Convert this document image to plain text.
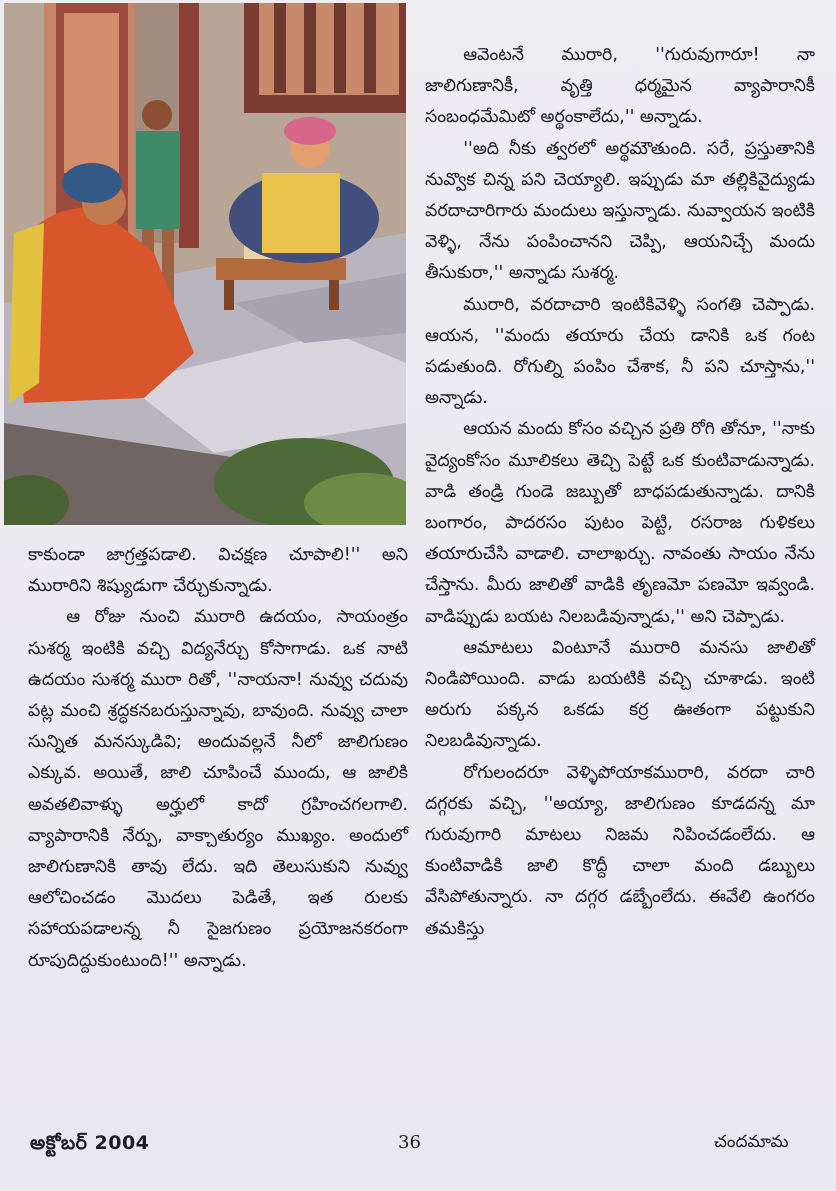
ఆవెంటనే మురారి, ''గురువుగారూ! నా జాలిగుణానికీ, వృత్తి ధర్మమైన వ్యాపారానికీ సంబంధమేమిటో అర్థంకాలేదు,'' అన్నాడు.

''అది నీకు త్వరలో అర్థమౌతుంది. సరే, ప్రస్తుతానికి నువ్వొక చిన్న పని చెయ్యాలి. ఇప్పుడు మా తల్లికివైద్యుడు వరదాచారిగారు మందులు ఇస్తున్నాడు. నువ్వాయన ఇంటికి వెళ్ళి, నేను పంపించానని చెప్పి, ఆయనిచ్చే మందు తీసుకురా,'' అన్నాడు సుశర్మ.

మురారి, వరదాచారి ఇంటికివెళ్ళి సంగతి చెప్పాడు. ఆయన, ''మందు తయారు చేయ డానికి ఒక గంట పడుతుంది. రోగుల్ని పంపిం చేశాక, నీ పని చూస్తాను,'' అన్నాడు.

ఆయన మందు కోసం వచ్చిన ప్రతి రోగి తోనూ, ''నాకు వైద్యంకోసం మూలికలు తెచ్చి పెట్టే ఒక కుంటివాడున్నాడు. వాడి తండ్రి గుండె జబ్బుతో బాధపడుతున్నాడు. దానికి బంగారం, పాదరసం పుటం పెట్టి, రసరాజ గుళికలు తయారుచేసి వాడాలి. చాలాఖర్చు. నావంతు సాయం నేను చేస్తాను. మీరు జాలితో వాడికి తృణమో పణమో ఇవ్వండి. వాడిప్పుడు బయట నిలబడివున్నాడు,'' అని చెప్పాడు.

ఆమాటలు వింటూనే మురారి మనసు జాలితో నిండిపోయింది. వాడు బయటికి వచ్చి చూశాడు. ఇంటి అరుగు పక్కన ఒకడు కర్ర ఊతంగా పట్టుకుని నిలబడివున్నాడు.

రోగులందరూ వెళ్ళిపోయాకమురారి, వరదా చారి దగ్గరకు వచ్చి, ''అయ్యా, జాలిగుణం కూడదన్న మా గురువుగారి మాటలు నిజమ నిపించడంలేదు. ఆ కుంటివాడికి జాలి కొద్దీ చాలా మంది డబ్బులు వేసిపోతున్నారు. నా దగ్గర డబ్బేంలేదు. ఈవేలి ఉంగరం తమకిస్తు

కాకుండా జాగ్రత్తపడాలి. విచక్షణ చూపాలి!'' అని మురారిని శిష్యుడుగా చేర్చుకున్నాడు.

ఆ రోజు నుంచి మురారి ఉదయం, సాయంత్రం సుశర్మ ఇంటికి వచ్చి విద్యనేర్చు కోసాగాడు. ఒక నాటి ఉదయం సుశర్మ మురా రితో, ''నాయనా! నువ్వు చదువు పట్ల మంచి శ్రద్ధకనబరుస్తున్నావు, బావుంది. నువ్వు చాలా సున్నిత మనస్కుడివి; అందువల్లనే నీలో జాలిగుణం ఎక్కువ. అయితే, జాలి చూపించే ముందు, ఆ జాలికి అవతలివాళ్ళు అర్హులో కాదో గ్రహించగలగాలి. వ్యాపారానికి నేర్పు, వాక్చాతుర్యం ముఖ్యం. అందులో జాలిగుణానికి తావు లేదు. ఇది తెలుసుకుని నువ్వు ఆలోచించడం మొదలు పెడితే, ఇత రులకు సహాయపడాలన్న నీ సైజగుణం ప్రయోజనకరంగా రూపుదిద్దుకుంటుంది!'' అన్నాడు.

అక్టోబర్ 2004	36	చందమామ
